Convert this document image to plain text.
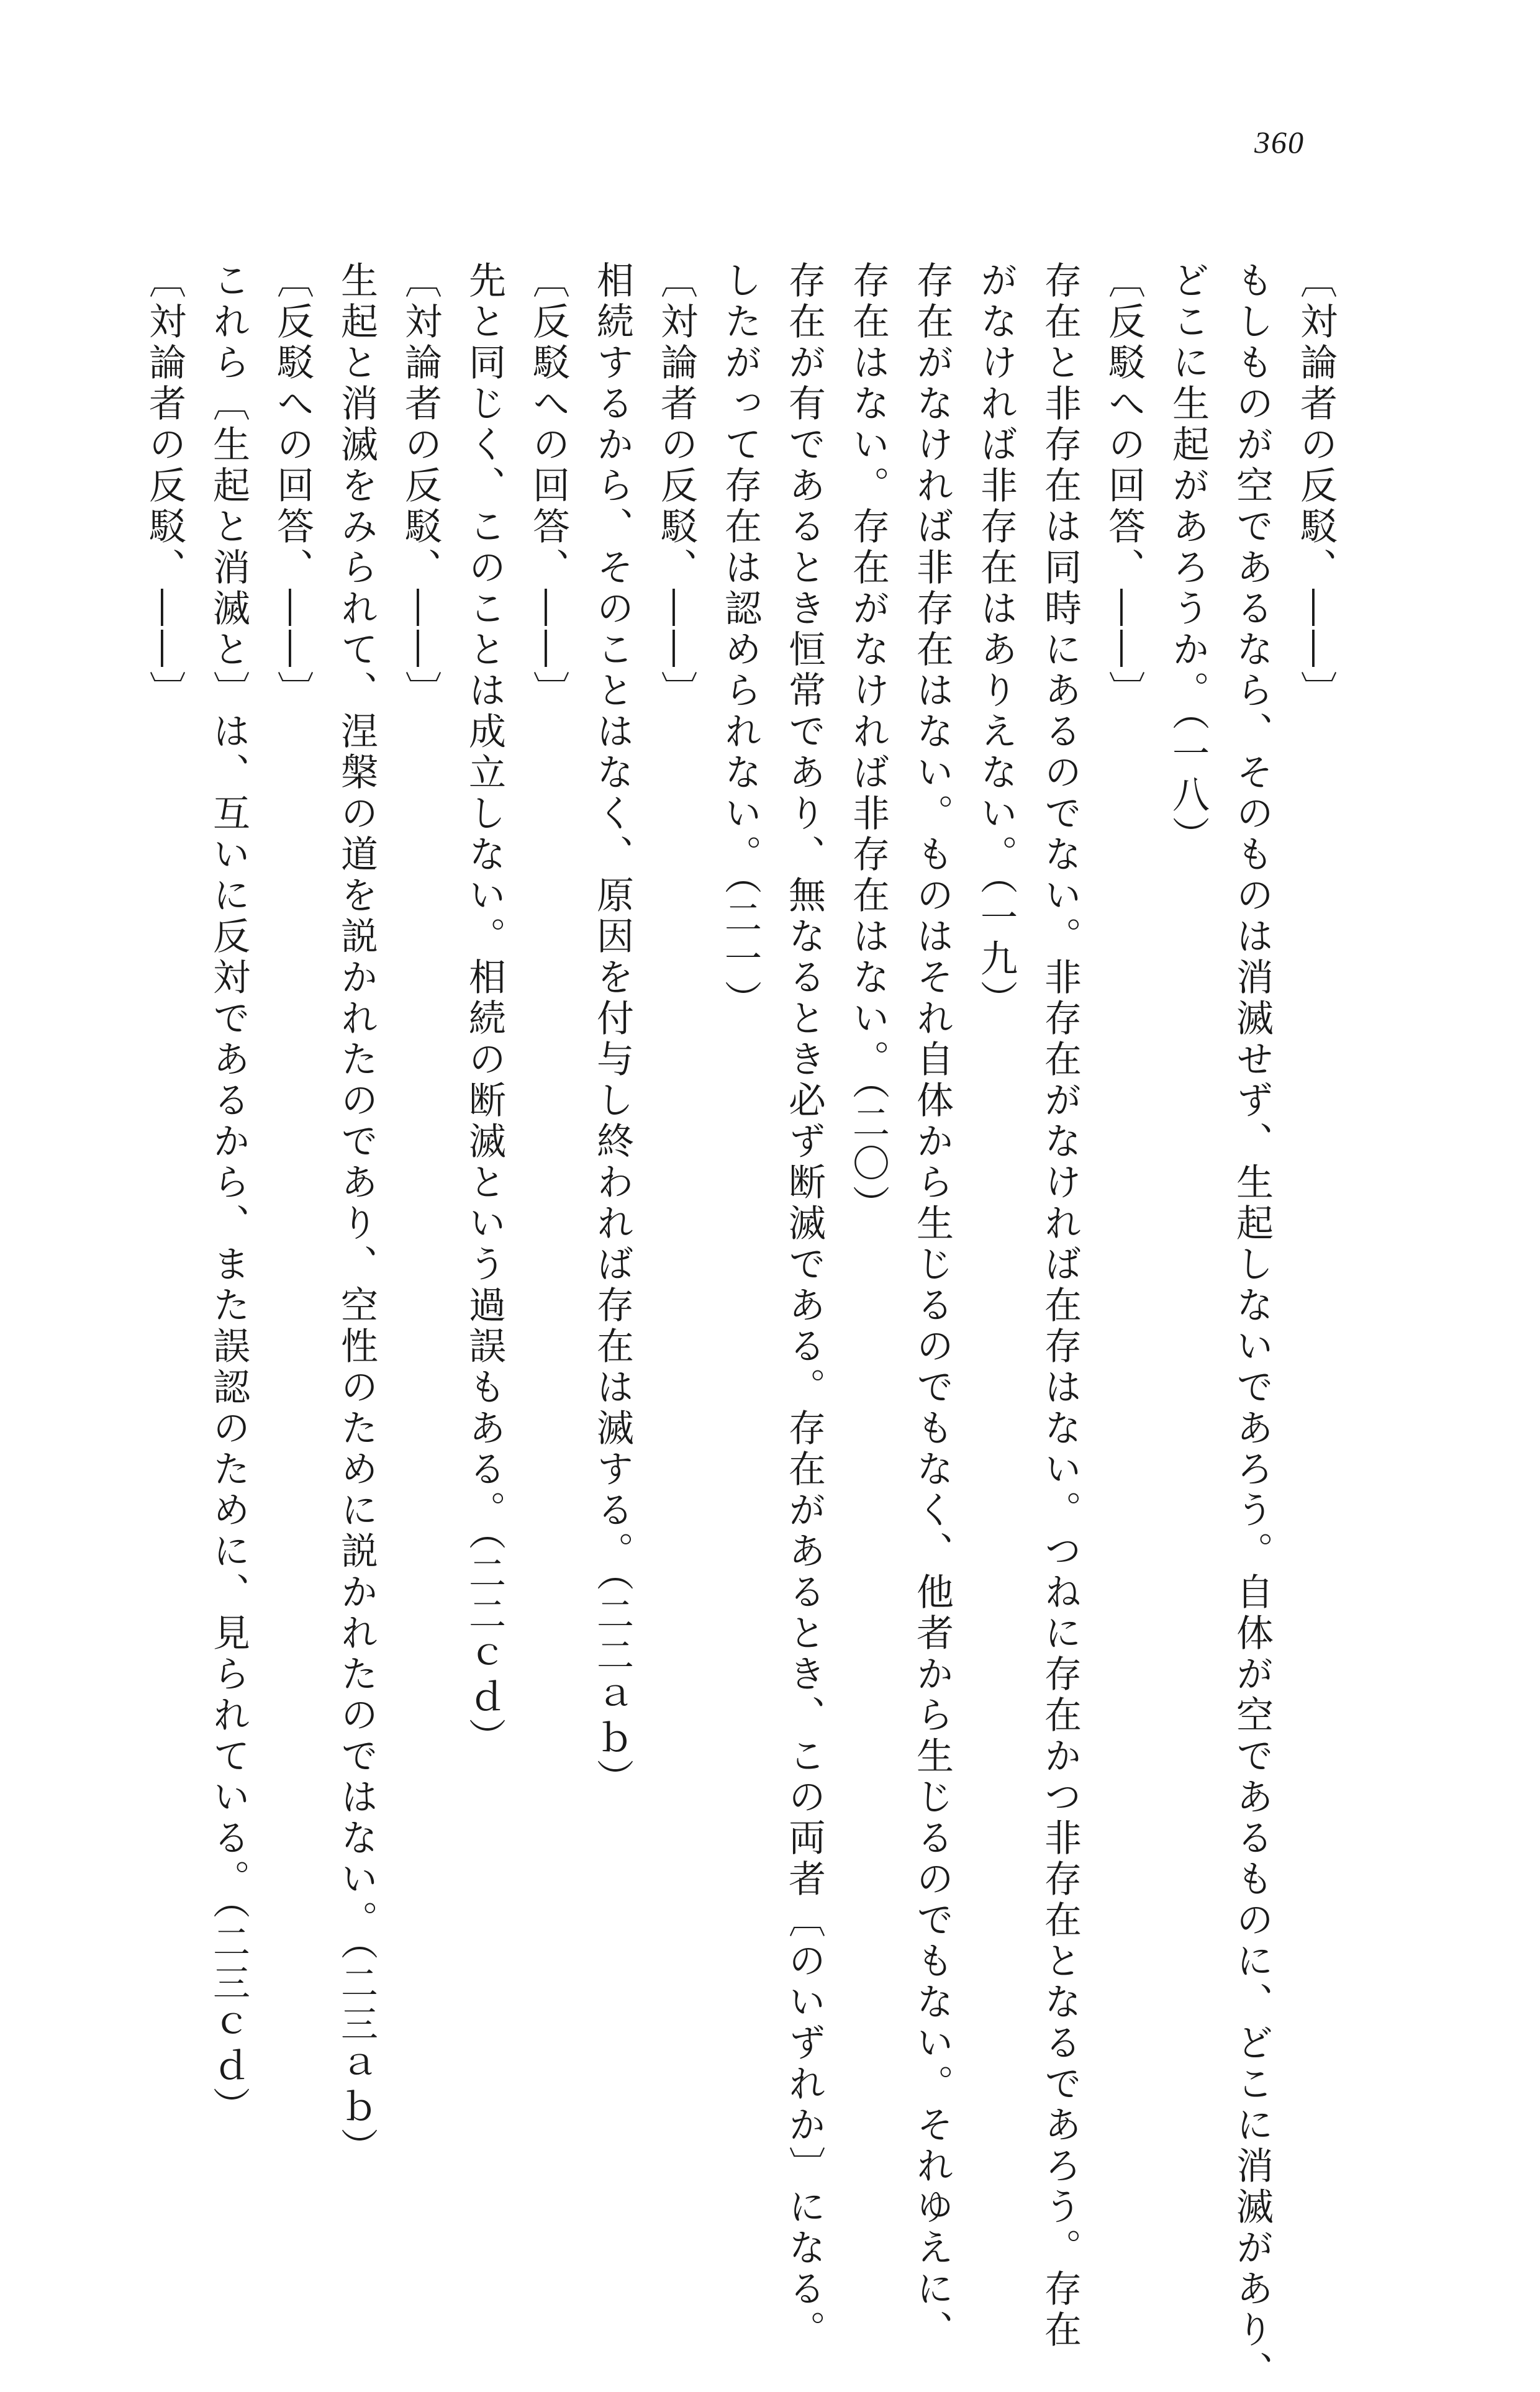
360
〔対論者の反駁、――〕
もしものが空であるなら、そのものは消滅せず、生起しないであろう。自体が空であるものに、どこに消滅があり、
どこに生起があろうか。（一八）
〔反駁への回答、――〕
存在と非存在は同時にあるのでない。非存在がなければ在存はない。つねに存在かつ非存在となるであろう。存在
がなければ非存在はありえない。（一九）
存在がなければ非存在はない。ものはそれ自体から生じるのでもなく、他者から生じるのでもない。それゆえに、
存在はない。存在がなければ非存在はない。（二〇）
存在が有であるとき恒常であり、無なるとき必ず断滅である。存在があるとき、この両者〔のいずれか〕になる。
したがって存在は認められない。（二一）
〔対論者の反駁、――〕
相続するから、そのことはなく、原因を付与し終われば存在は滅する。（二二ａｂ）
〔反駁への回答、――〕
先と同じく、このことは成立しない。相続の断滅という過誤もある。（二二ｃｄ）
〔対論者の反駁、――〕
生起と消滅をみられて、涅槃の道を説かれたのであり、空性のために説かれたのではない。（二三ａｂ）
〔反駁への回答、――〕
これら〔生起と消滅と〕は、互いに反対であるから、また誤認のために、見られている。（二三ｃｄ）
〔対論者の反駁、――〕
